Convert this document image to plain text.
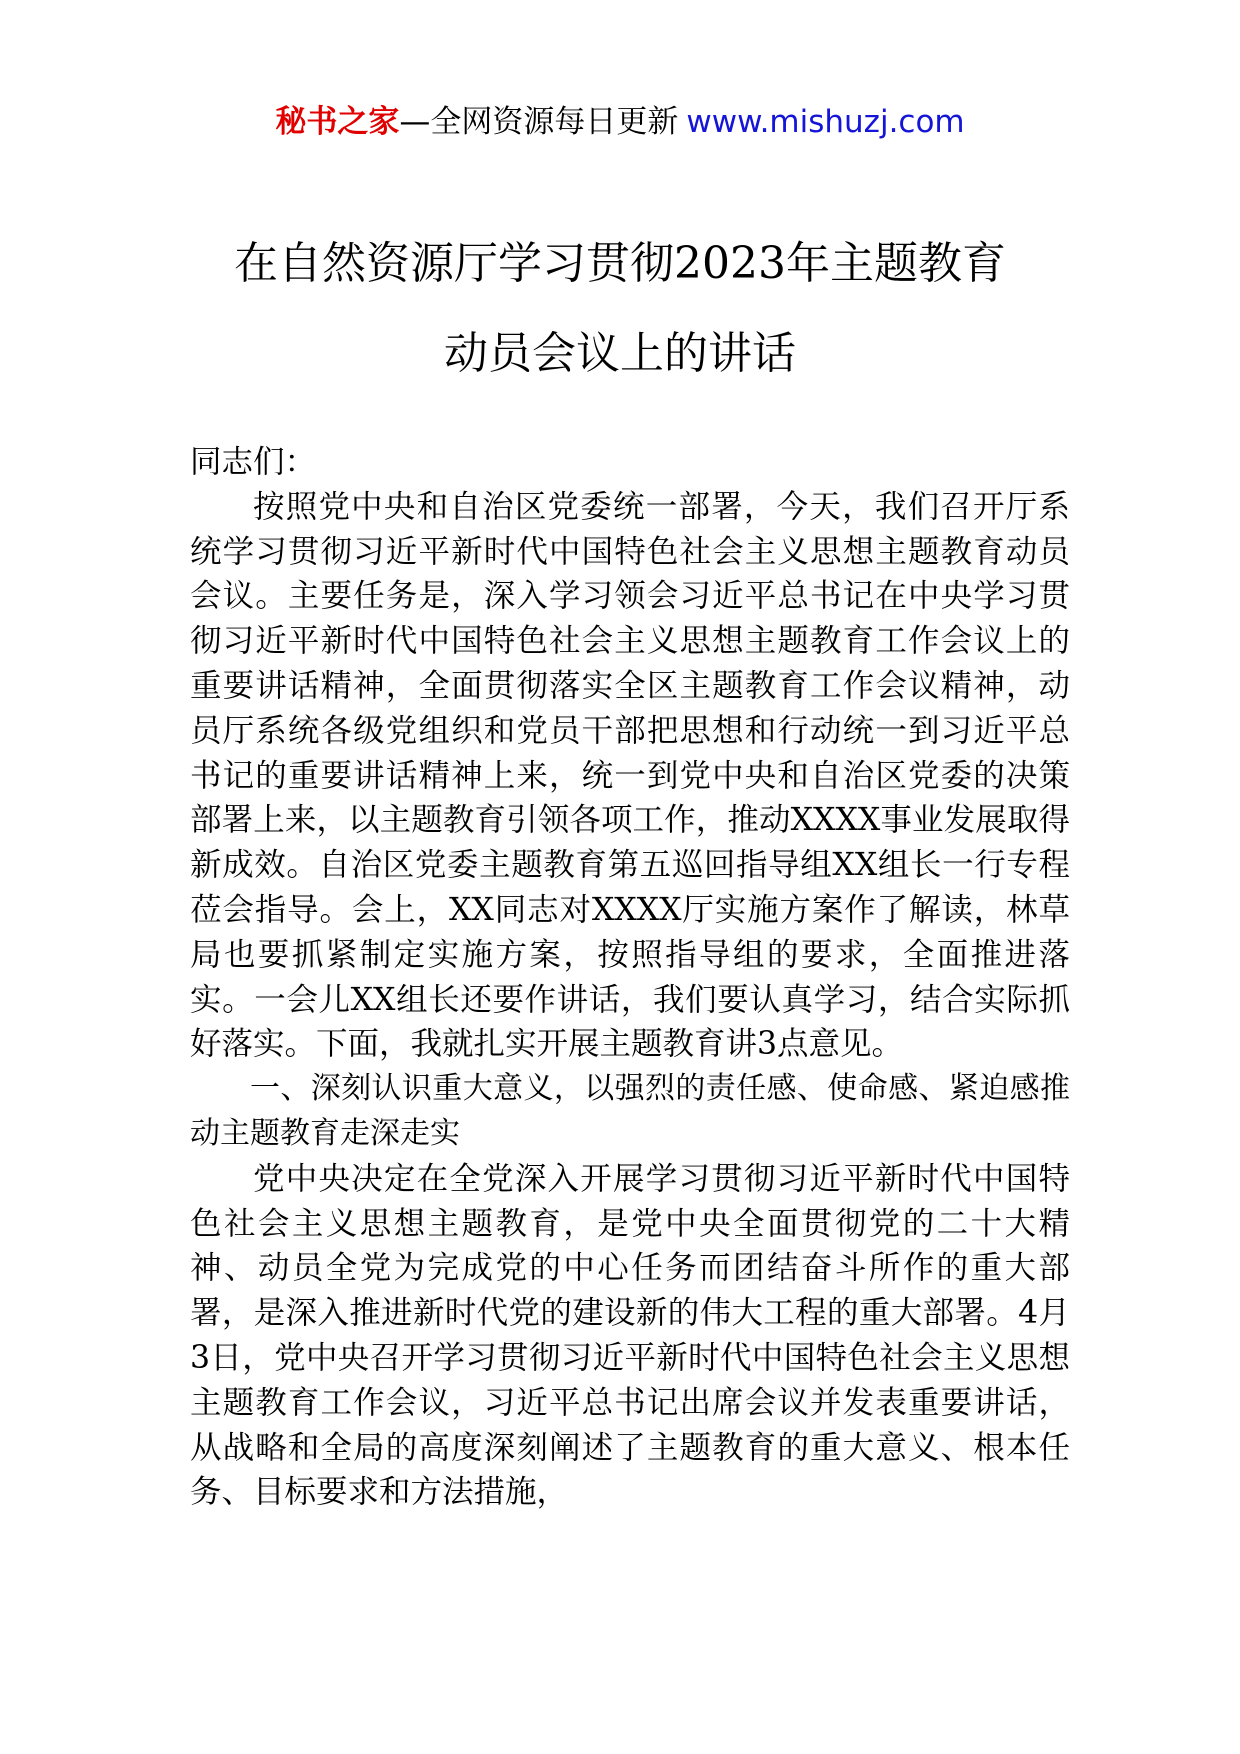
秘书之家—全网资源每日更新 www.mishuzj.com
在自然资源厅学习贯彻2023年主题教育
动员会议上的讲话

同志们：

按照党中央和自治区党委统一部署，今天，我们召开厅系统学习贯彻习近平新时代中国特色社会主义思想主题教育动员会议。主要任务是，深入学习领会习近平总书记在中央学习贯彻习近平新时代中国特色社会主义思想主题教育工作会议上的重要讲话精神，全面贯彻落实全区主题教育工作会议精神，动员厅系统各级党组织和党员干部把思想和行动统一到习近平总书记的重要讲话精神上来，统一到党中央和自治区党委的决策部署上来，以主题教育引领各项工作，推动XXXX事业发展取得新成效。自治区党委主题教育第五巡回指导组XX组长一行专程莅会指导。会上，XX同志对XXXX厅实施方案作了解读，林草局也要抓紧制定实施方案，按照指导组的要求，全面推进落实。一会儿XX组长还要作讲话，我们要认真学习，结合实际抓好落实。下面，我就扎实开展主题教育讲3点意见。

一、深刻认识重大意义，以强烈的责任感、使命感、紧迫感推动主题教育走深走实

党中央决定在全党深入开展学习贯彻习近平新时代中国特色社会主义思想主题教育，是党中央全面贯彻党的二十大精神、动员全党为完成党的中心任务而团结奋斗所作的重大部署，是深入推进新时代党的建设新的伟大工程的重大部署。4月3日，党中央召开学习贯彻习近平新时代中国特色社会主义思想主题教育工作会议，习近平总书记出席会议并发表重要讲话，从战略和全局的高度深刻阐述了主题教育的重大意义、根本任务、目标要求和方法措施，
